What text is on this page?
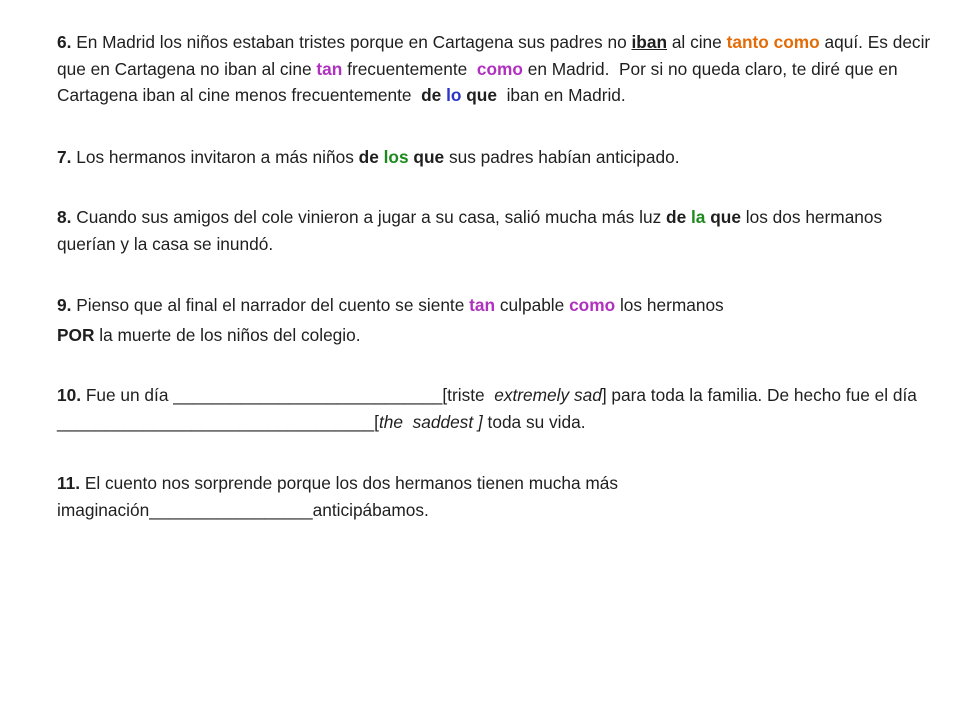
6. En Madrid los niños estaban tristes porque en Cartagena sus padres no iban al cine tanto como aquí. Es decir que en Cartagena no iban al cine tan frecuentemente  como en Madrid.  Por si no queda claro, te diré que en Cartagena iban al cine menos frecuentemente  de lo que  iban en Madrid.

7. Los hermanos invitaron a más niños de los que sus padres habían anticipado.

8. Cuando sus amigos del cole vinieron a jugar a su casa, salió mucha más luz de la que los dos hermanos querían y la casa se inundó.

9. Pienso que al final el narrador del cuento se siente tan culpable como los hermanos

POR la muerte de los niños del colegio.

10. Fue un día ____________________________[triste  extremely sad] para toda la familia. De hecho fue el día _________________________________[the  saddest ] toda su vida.

11. El cuento nos sorprende porque los dos hermanos tienen mucha más imaginación_________________anticipábamos.
